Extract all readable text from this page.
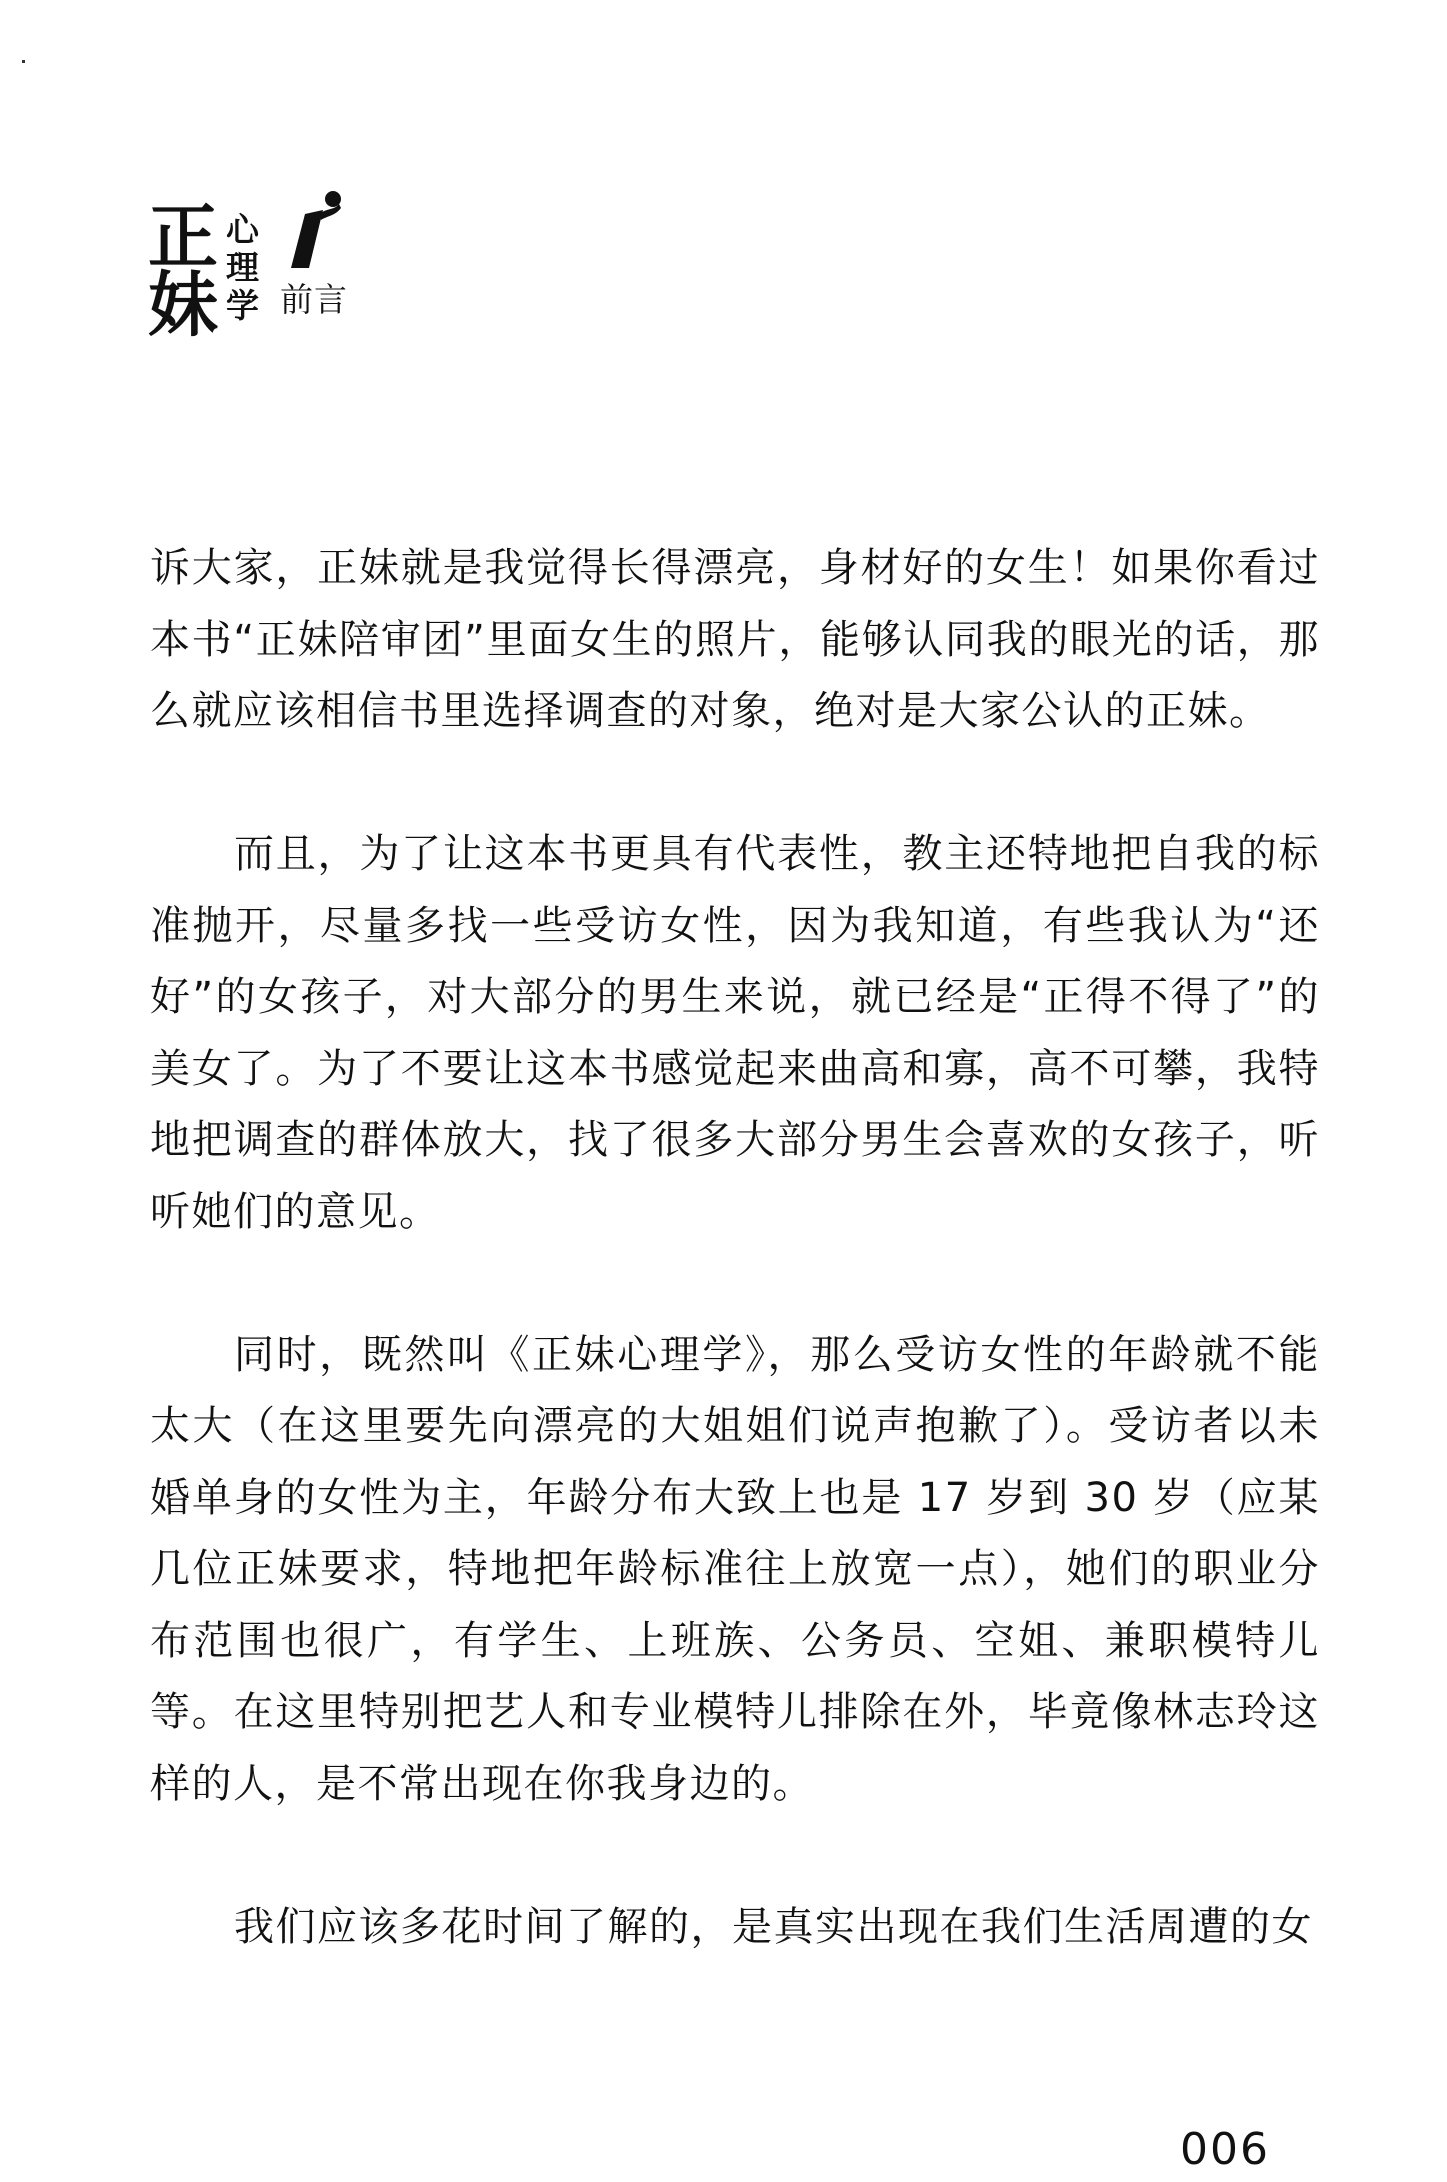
正
妹
心
理
学 前言

诉大家，正妹就是我觉得长得漂亮，身材好的女生！如果你看过本书“正妹陪审团”里面女生的照片，能够认同我的眼光的话，那么就应该相信书里选择调查的对象，绝对是大家公认的正妹。

而且，为了让这本书更具有代表性，教主还特地把自我的标准抛开，尽量多找一些受访女性，因为我知道，有些我认为“还好”的女孩子，对大部分的男生来说，就已经是“正得不得了”的美女了。为了不要让这本书感觉起来曲高和寡，高不可攀，我特地把调查的群体放大，找了很多大部分男生会喜欢的女孩子，听听她们的意见。

同时，既然叫《正妹心理学》，那么受访女性的年龄就不能太大（在这里要先向漂亮的大姐姐们说声抱歉了）。受访者以未婚单身的女性为主，年龄分布大致上也是 17 岁到 30 岁（应某几位正妹要求，特地把年龄标准往上放宽一点），她们的职业分布范围也很广，有学生、上班族、公务员、空姐、兼职模特儿等。在这里特别把艺人和专业模特儿排除在外，毕竟像林志玲这样的人，是不常出现在你我身边的。

我们应该多花时间了解的，是真实出现在我们生活周遭的女

006
